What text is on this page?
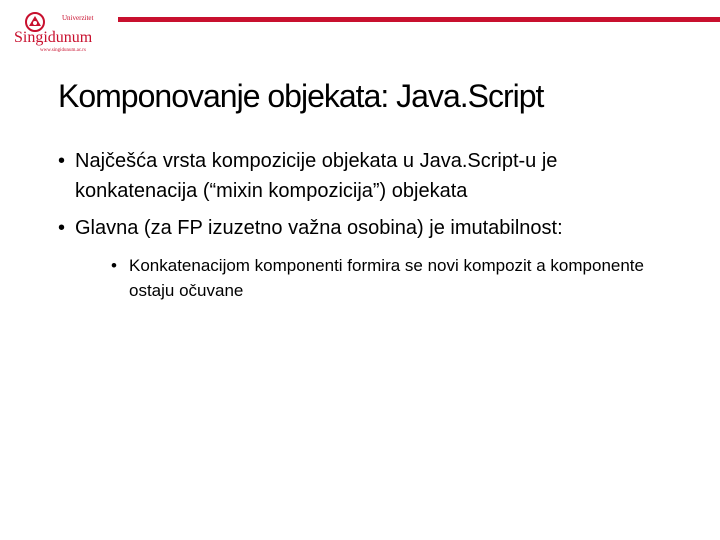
Univerzitet
Singidunum
www.singidunum.ac.rs
Komponovanje objekata: Java.Script
• Najčešća vrsta kompozicije objekata u Java.Script-u je konkatenacija (“mixin kompozicija”) objekata
• Glavna (za FP izuzetno važna osobina) je imutabilnost:
• Konkatenacijom komponenti formira se novi kompozit a komponente ostaju očuvane
